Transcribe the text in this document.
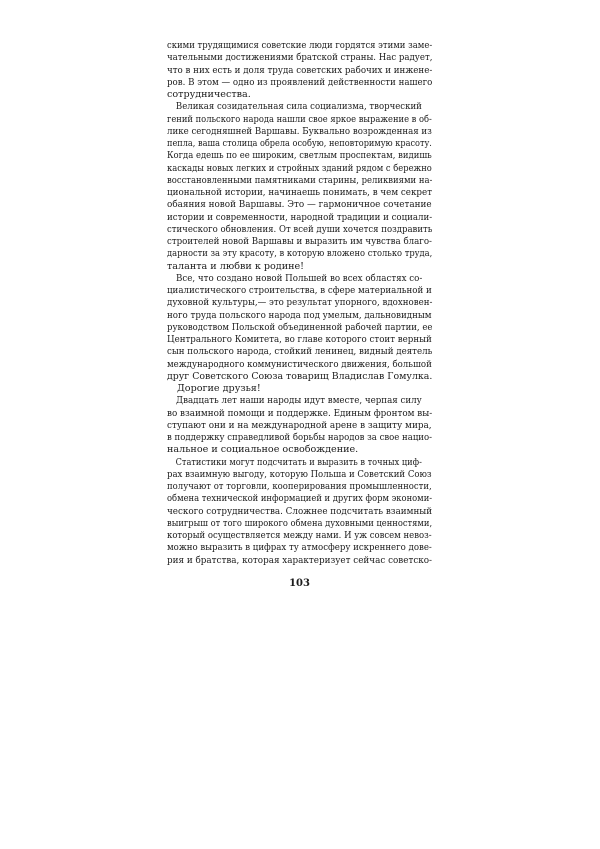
скими трудящимися советские люди гордятся этими заме-
чательными достижениями братской страны. Нас радует,
что в них есть и доля труда советских рабочих и инжене-
ров. В этом — одно из проявлений действенности нашего
сотрудничества.
Великая созидательная сила социализма, творческий
гений польского народа нашли свое яркое выражение в об-
лике сегодняшней Варшавы. Буквально возрожденная из
пепла, ваша столица обрела особую, неповторимую красоту.
Когда едешь по ее широким, светлым проспектам, видишь
каскады новых легких и стройных зданий рядом с бережно
восстановленными памятниками старины, реликвиями на-
циональной истории, начинаешь понимать, в чем секрет
обаяния новой Варшавы. Это — гармоничное сочетание
истории и современности, народной традиции и социали-
стического обновления. От всей души хочется поздравить
строителей новой Варшавы и выразить им чувства благо-
дарности за эту красоту, в которую вложено столько труда,
таланта и любви к родине!
Все, что создано новой Польшей во всех областях со-
циалистического строительства, в сфере материальной и
духовной культуры,— это результат упорного, вдохновен-
ного труда польского народа под умелым, дальновидным
руководством Польской объединенной рабочей партии, ее
Центрального Комитета, во главе которого стоит верный
сын польского народа, стойкий ленинец, видный деятель
международного коммунистического движения, большой
друг Советского Союза товарищ Владислав Гомулка.
Дорогие друзья!
Двадцать лет наши народы идут вместе, черпая силу
во взаимной помощи и поддержке. Единым фронтом вы-
ступают они и на международной арене в защиту мира,
в поддержку справедливой борьбы народов за свое нацио-
нальное и социальное освобождение.
Статистики могут подсчитать и выразить в точных циф-
рах взаимную выгоду, которую Польша и Советский Союз
получают от торговли, кооперирования промышленности,
обмена технической информацией и других форм экономи-
ческого сотрудничества. Сложнее подсчитать взаимный
выигрыш от того широкого обмена духовными ценностями,
который осуществляется между нами. И уж совсем невоз-
можно выразить в цифрах ту атмосферу искреннего дове-
рия и братства, которая характеризует сейчас советско-
103
